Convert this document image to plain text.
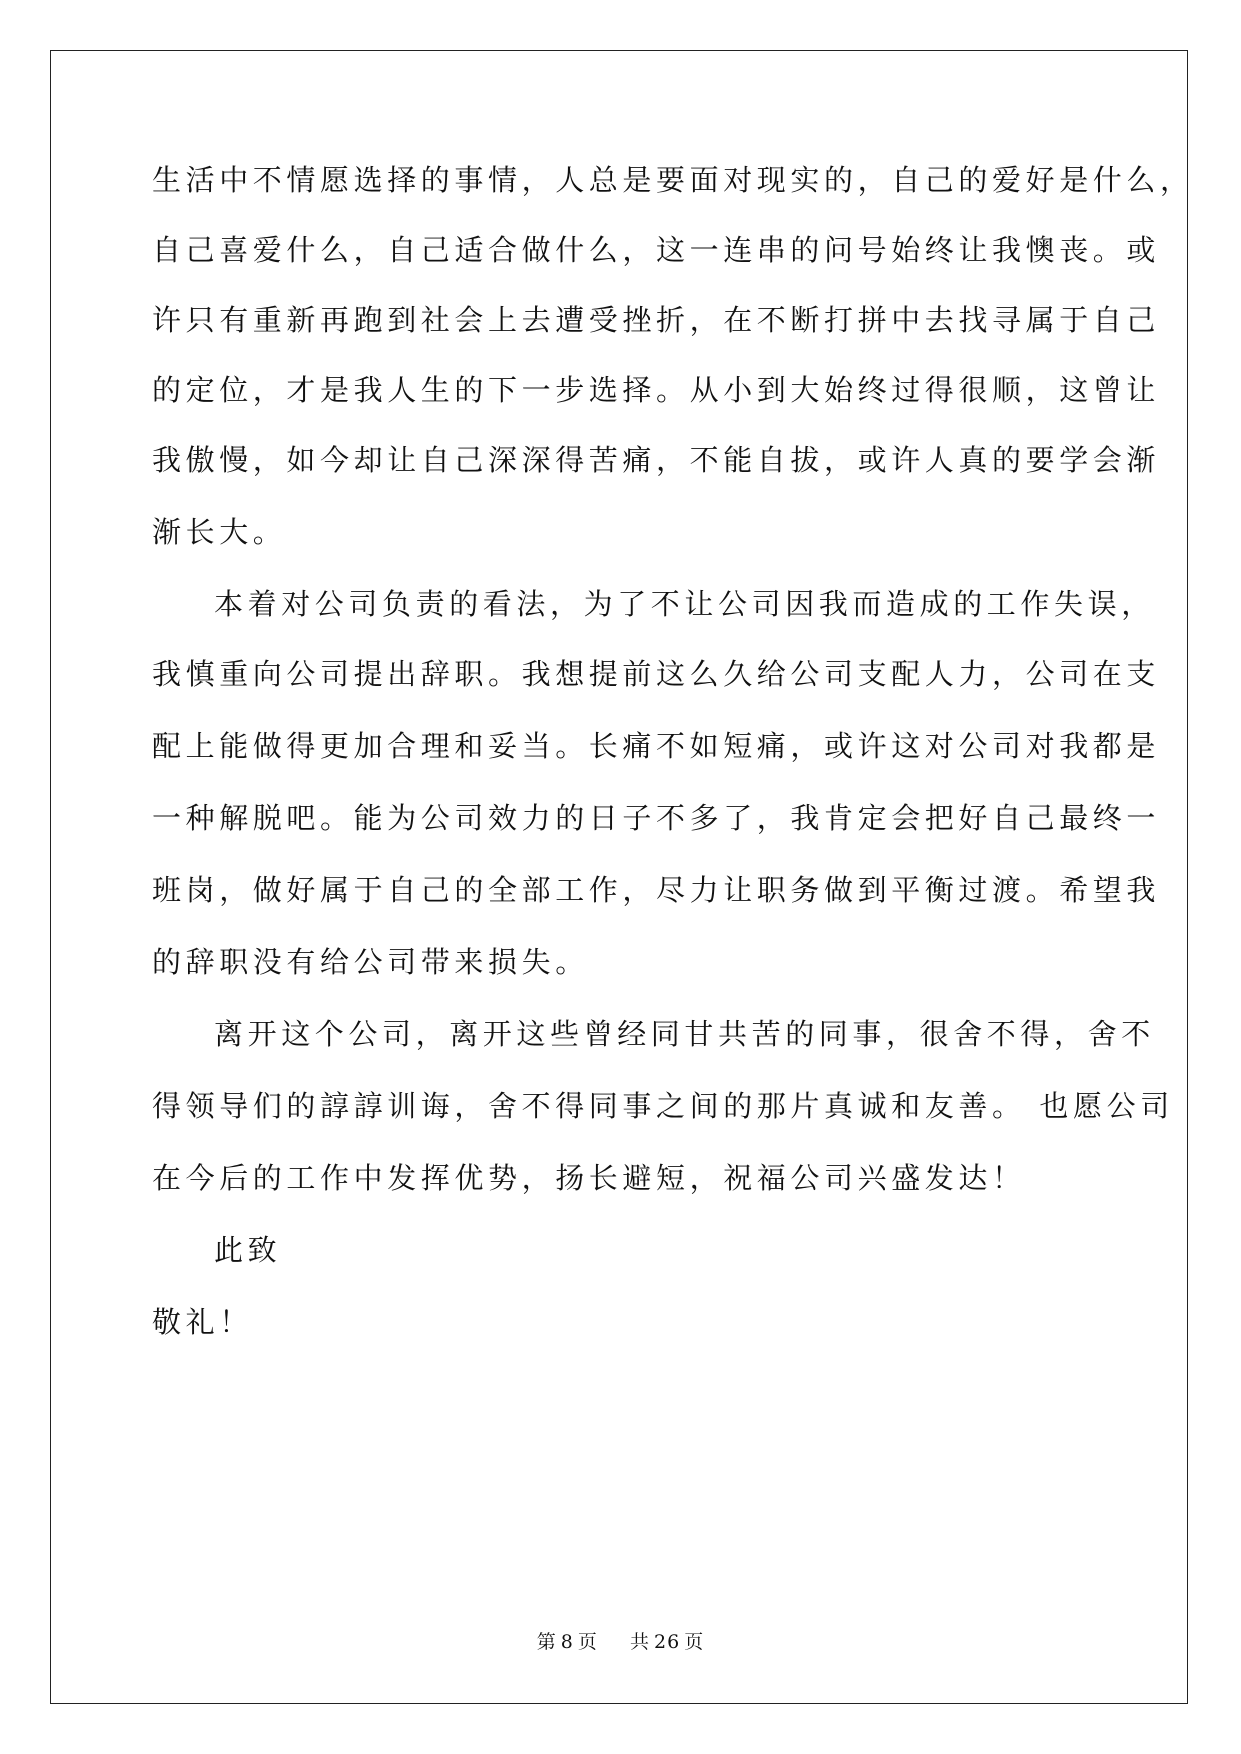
生活中不情愿选择的事情，人总是要面对现实的，自己的爱好是什么，
自己喜爱什么，自己适合做什么，这一连串的问号始终让我懊丧。或
许只有重新再跑到社会上去遭受挫折，在不断打拼中去找寻属于自己
的定位，才是我人生的下一步选择。从小到大始终过得很顺，这曾让
我傲慢，如今却让自己深深得苦痛，不能自拔，或许人真的要学会渐
渐长大。
本着对公司负责的看法，为了不让公司因我而造成的工作失误，
我慎重向公司提出辞职。我想提前这么久给公司支配人力，公司在支
配上能做得更加合理和妥当。长痛不如短痛，或许这对公司对我都是
一种解脱吧。能为公司效力的日子不多了，我肯定会把好自己最终一
班岗，做好属于自己的全部工作，尽力让职务做到平衡过渡。希望我
的辞职没有给公司带来损失。
离开这个公司，离开这些曾经同甘共苦的同事，很舍不得，舍不
得领导们的諄諄训诲，舍不得同事之间的那片真诚和友善。 也愿公司
在今后的工作中发挥优势，扬长避短，祝福公司兴盛发达！
此致
敬礼！
第 8 页 共 26 页
